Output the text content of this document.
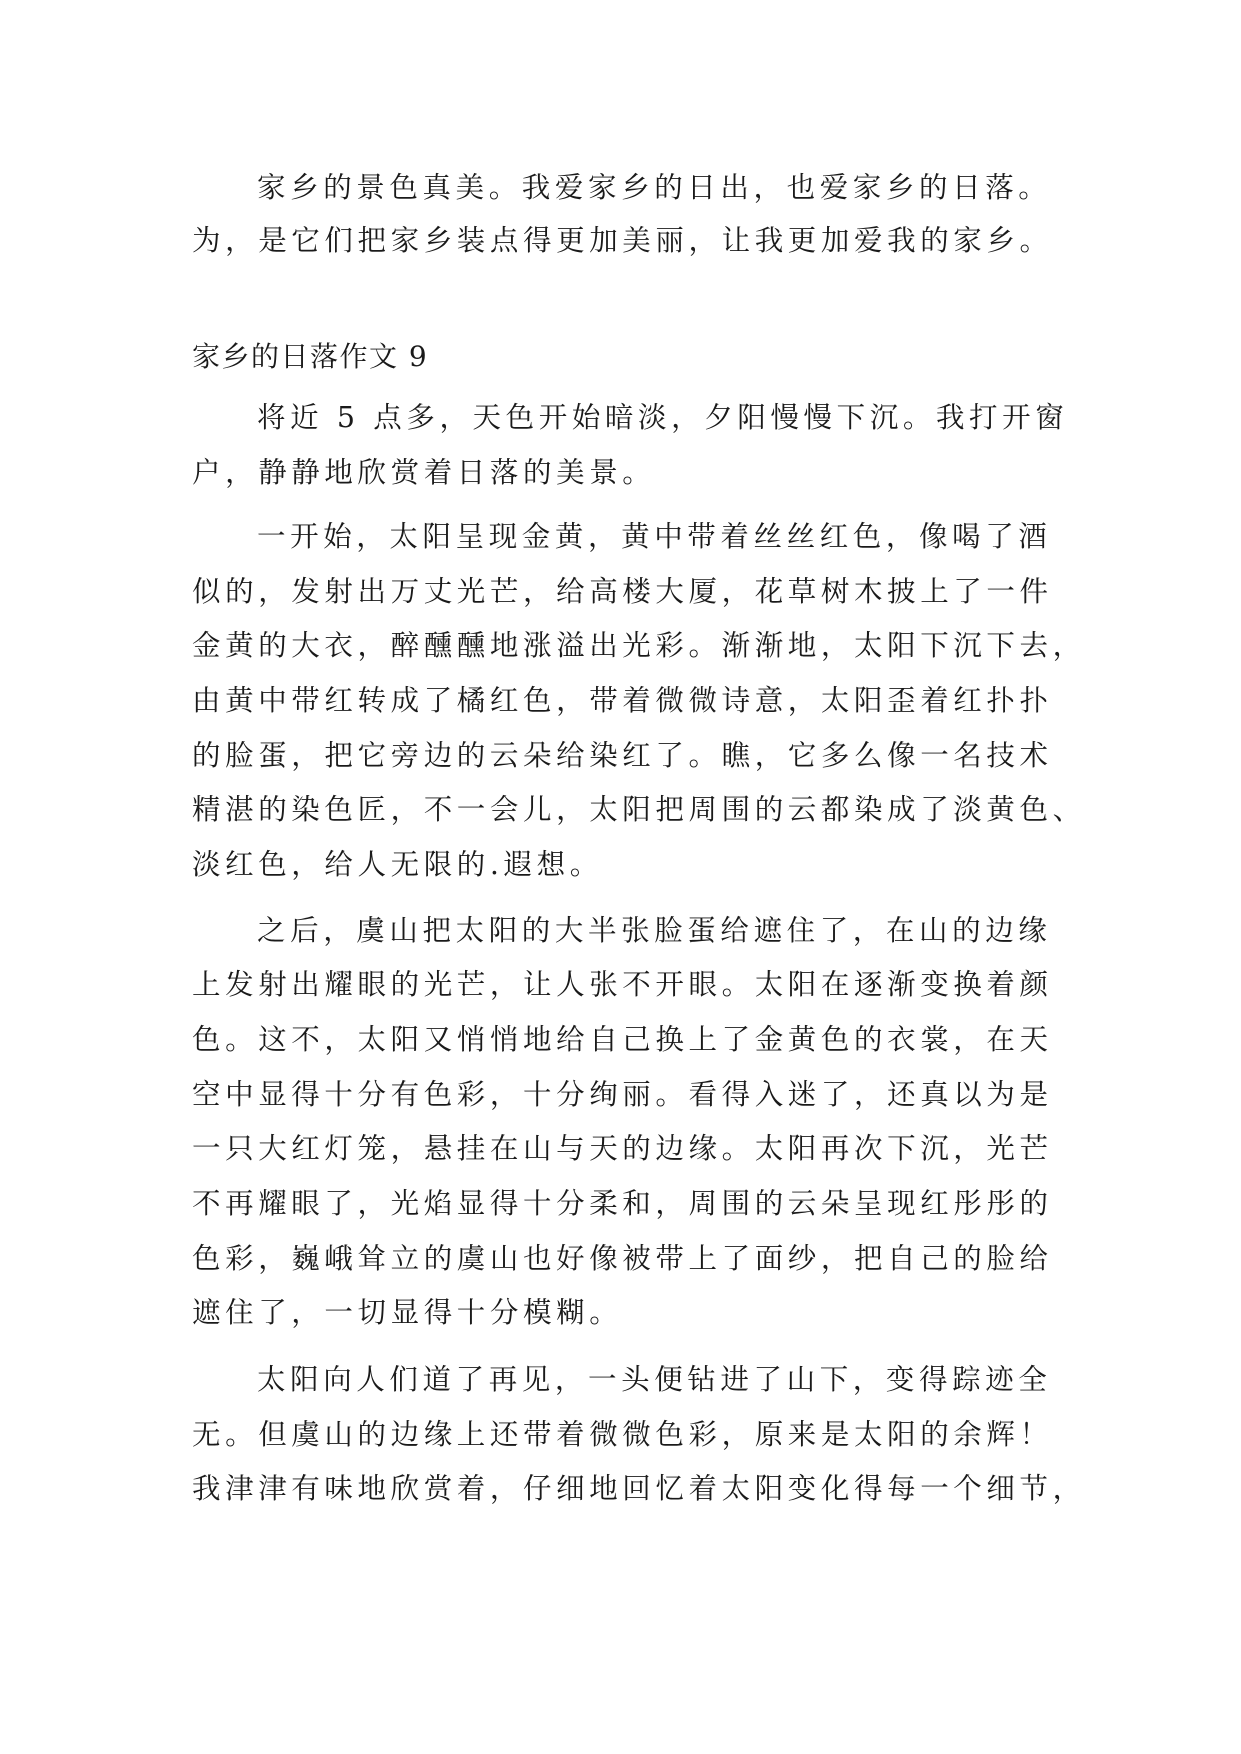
家乡的景色真美。我爱家乡的日出，也爱家乡的日落。

为，是它们把家乡装点得更加美丽，让我更加爱我的家乡。

家乡的日落作文 9

将近 5 点多，天色开始暗淡，夕阳慢慢下沉。我打开窗

户，静静地欣赏着日落的美景。

一开始，太阳呈现金黄，黄中带着丝丝红色，像喝了酒

似的，发射出万丈光芒，给高楼大厦，花草树木披上了一件

金黄的大衣，醉醺醺地涨溢出光彩。渐渐地，太阳下沉下去，

由黄中带红转成了橘红色，带着微微诗意，太阳歪着红扑扑

的脸蛋，把它旁边的云朵给染红了。瞧，它多么像一名技术

精湛的染色匠，不一会儿，太阳把周围的云都染成了淡黄色、

淡红色，给人无限的.遐想。

之后，虞山把太阳的大半张脸蛋给遮住了，在山的边缘

上发射出耀眼的光芒，让人张不开眼。太阳在逐渐变换着颜

色。这不，太阳又悄悄地给自己换上了金黄色的衣裳，在天

空中显得十分有色彩，十分绚丽。看得入迷了，还真以为是

一只大红灯笼，悬挂在山与天的边缘。太阳再次下沉，光芒

不再耀眼了，光焰显得十分柔和，周围的云朵呈现红彤彤的

色彩，巍峨耸立的虞山也好像被带上了面纱，把自己的脸给

遮住了，一切显得十分模糊。

太阳向人们道了再见，一头便钻进了山下，变得踪迹全

无。但虞山的边缘上还带着微微色彩，原来是太阳的余辉！

我津津有味地欣赏着，仔细地回忆着太阳变化得每一个细节，
